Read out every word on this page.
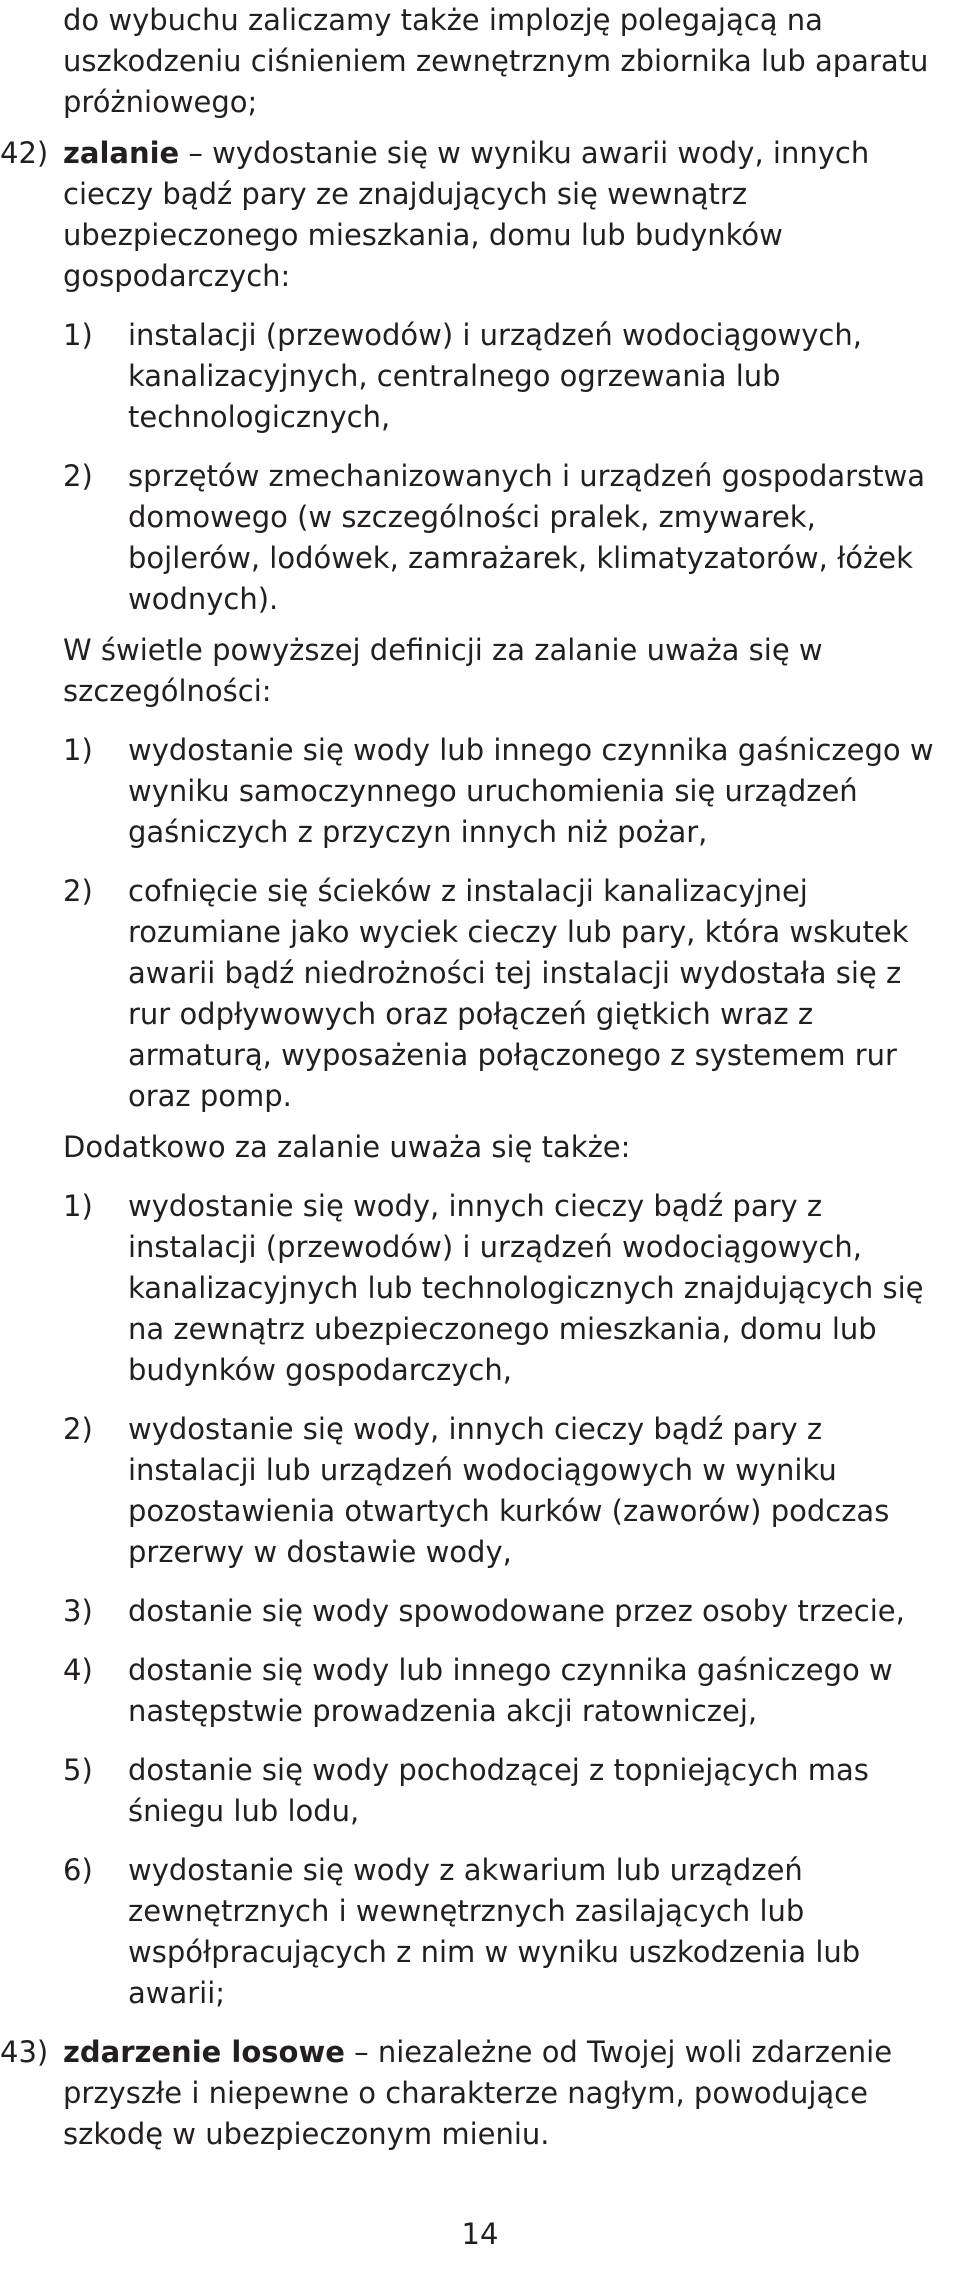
do wybuchu zaliczamy także implozję polegającą na uszkodzeniu ciśnieniem zewnętrznym zbiornika lub aparatu próżniowego;

42) zalanie – wydostanie się w wyniku awarii wody, innych cieczy bądź pary ze znajdujących się wewnątrz ubezpieczonego mieszkania, domu lub budynków gospodarczych:
1) instalacji (przewodów) i urządzeń wodociągowych, kanalizacyjnych, centralnego ogrzewania lub technologicznych,
2) sprzętów zmechanizowanych i urządzeń gospodarstwa domowego (w szczególności pralek, zmywarek, bojlerów, lodówek, zamrażarek, klimatyzatorów, łóżek wodnych).

W świetle powyższej definicji za zalanie uważa się w szczególności:

1) wydostanie się wody lub innego czynnika gaśniczego w wyniku samoczynnego uruchomienia się urządzeń gaśniczych z przyczyn innych niż pożar,
2) cofnięcie się ścieków z instalacji kanalizacyjnej rozumiane jako wyciek cieczy lub pary, która wskutek awarii bądź niedrożności tej instalacji wydostała się z rur odpływowych oraz połączeń giętkich wraz z armaturą, wyposażenia połączonego z systemem rur oraz pomp.

Dodatkowo za zalanie uważa się także:

1) wydostanie się wody, innych cieczy bądź pary z instalacji (przewodów) i urządzeń wodociągowych, kanalizacyjnych lub technologicznych znajdujących się na zewnątrz ubezpieczonego mieszkania, domu lub budynków gospodarczych,
2) wydostanie się wody, innych cieczy bądź pary z instalacji lub urządzeń wodociągowych w wyniku pozostawienia otwartych kurków (zaworów) podczas przerwy w dostawie wody,
3) dostanie się wody spowodowane przez osoby trzecie,
4) dostanie się wody lub innego czynnika gaśniczego w następstwie prowadzenia akcji ratowniczej,
5) dostanie się wody pochodzącej z topniejących mas śniegu lub lodu,
6) wydostanie się wody z akwarium lub urządzeń zewnętrznych i wewnętrznych zasilających lub współpracujących z nim w wyniku uszkodzenia lub awarii;
43) zdarzenie losowe – niezależne od Twojej woli zdarzenie przyszłe i niepewne o charakterze nagłym, powodujące szkodę w ubezpieczonym mieniu.
14
